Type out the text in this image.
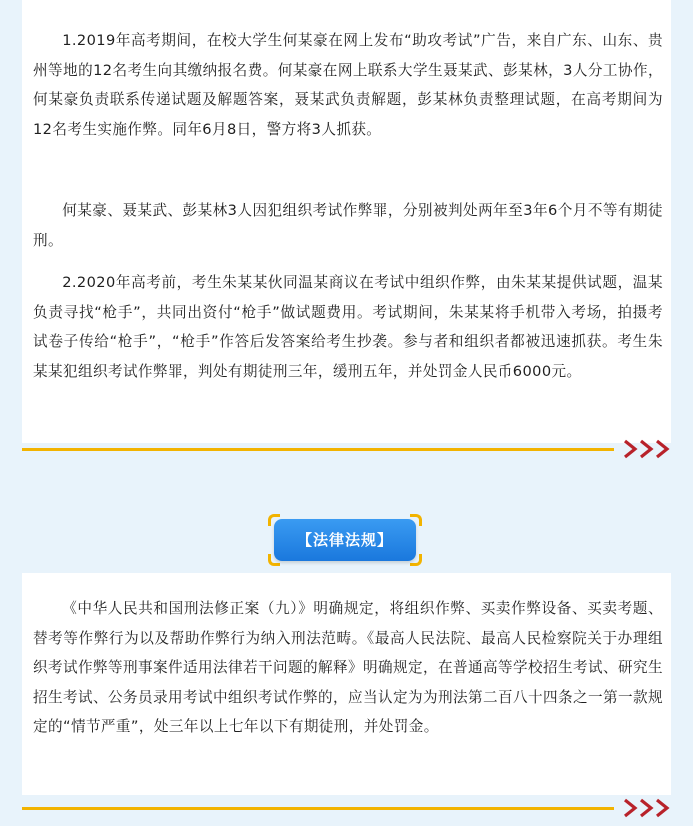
1.2019年高考期间，在校大学生何某豪在网上发布“助攻考试”广告，来自广东、山东、贵州等地的12名考生向其缴纳报名费。何某豪在网上联系大学生聂某武、彭某林，3人分工协作，何某豪负责联系传递试题及解题答案，聂某武负责解题，彭某林负责整理试题，在高考期间为12名考生实施作弊。同年6月8日，警方将3人抓获。

何某豪、聂某武、彭某林3人因犯组织考试作弊罪，分别被判处两年至3年6个月不等有期徒刑。

2.2020年高考前，考生朱某某伙同温某商议在考试中组织作弊，由朱某某提供试题，温某负责寻找“枪手”，共同出资付“枪手”做试题费用。考试期间，朱某某将手机带入考场，拍摄考试卷子传给“枪手”，“枪手”作答后发答案给考生抄袭。参与者和组织者都被迅速抓获。考生朱某某犯组织考试作弊罪，判处有期徒刑三年，缓刑五年，并处罚金人民币6000元。

【法律法规】

《中华人民共和国刑法修正案（九）》明确规定，将组织作弊、买卖作弊设备、买卖考题、替考等作弊行为以及帮助作弊行为纳入刑法范畴。《最高人民法院、最高人民检察院关于办理组织考试作弊等刑事案件适用法律若干问题的解释》明确规定，在普通高等学校招生考试、研究生招生考试、公务员录用考试中组织考试作弊的，应当认定为为刑法第二百八十四条之一第一款规定的“情节严重”，处三年以上七年以下有期徒刑，并处罚金。
